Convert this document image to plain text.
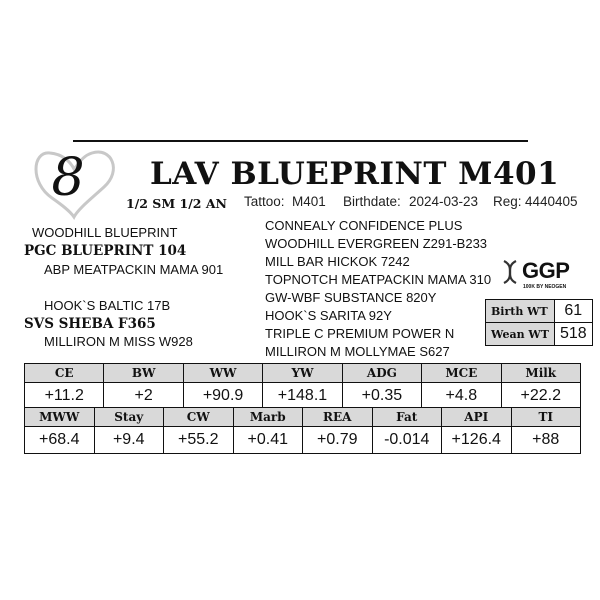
8	LAV BLUEPRINT M401
1/2 SM 1/2 AN Tattoo: M401 Birthdate: 2024-03-23 Reg: 4440405
WOODHILL BLUEPRINT
PGC BLUEPRINT 104
ABP MEATPACKIN MAMA 901
HOOK`S BALTIC 17B
SVS SHEBA F365
MILLIRON M MISS W928
CONNEALY CONFIDENCE PLUS
WOODHILL EVERGREEN Z291-B233
MILL BAR HICKOK 7242
TOPNOTCH MEATPACKIN MAMA 310
GW-WBF SUBSTANCE 820Y
HOOK`S SARITA 92Y
TRIPLE C PREMIUM POWER N
MILLIRON M MOLLYMAE S627
GGP
100K BY NEOGEN
Birth WT	61
Wean WT	518
CE	BW	WW	YW	ADG	MCE	Milk
+11.2	+2	+90.9	+148.1	+0.35	+4.8	+22.2
MWW	Stay	CW	Marb	REA	Fat	API	TI
+68.4	+9.4	+55.2	+0.41	+0.79	-0.014	+126.4	+88
